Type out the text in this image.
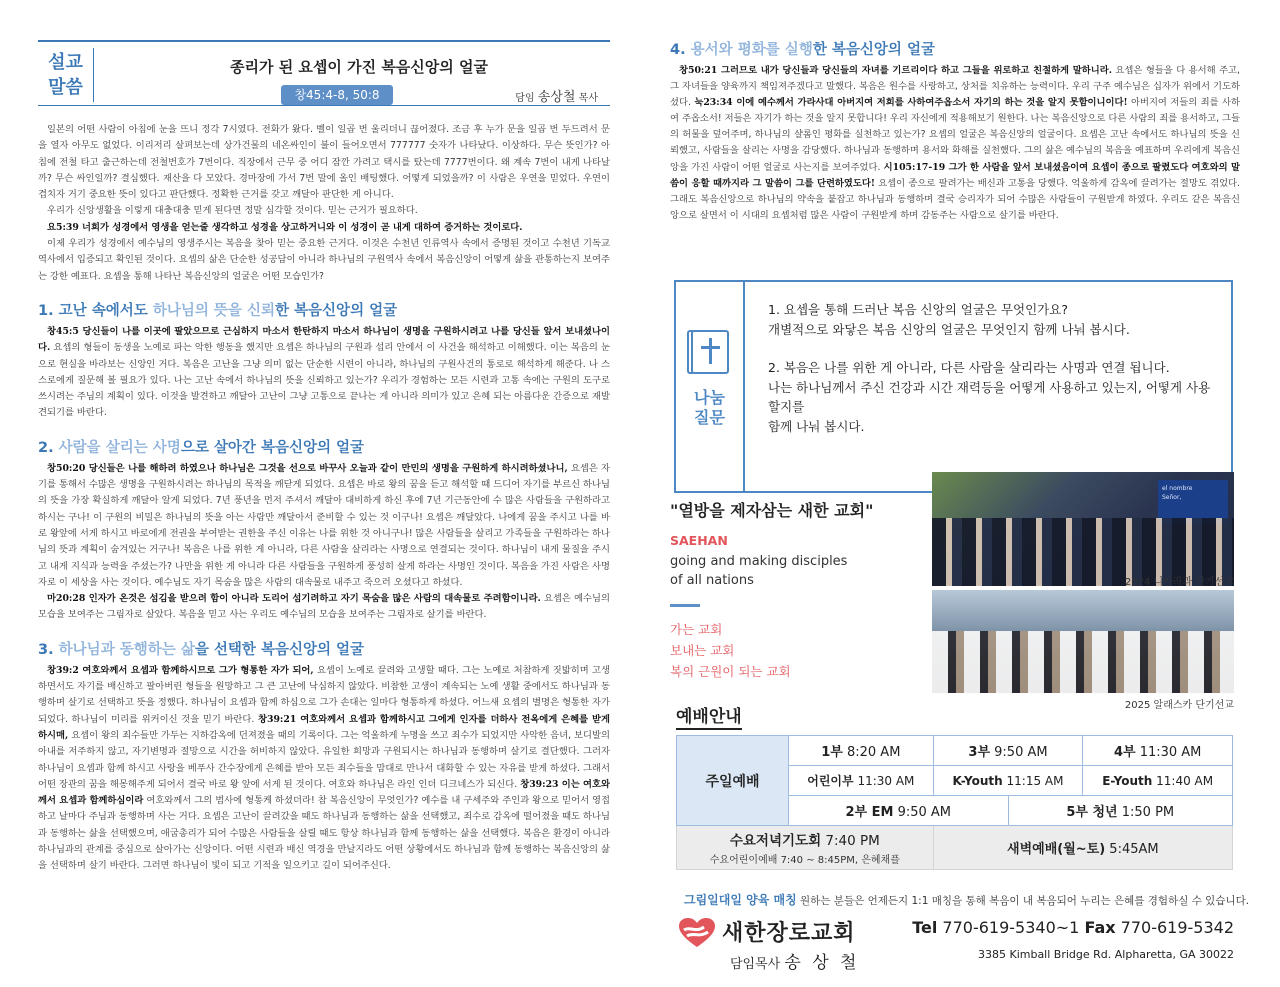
설교
말씀
종리가 된 요셉이 가진 복음신앙의 얼굴
창45:4-8, 50:8	담임 송상철 목사

일본의 어떤 사람이 아침에 눈을 뜨니 정각 7시였다. 전화가 왔다. 벨이 일곱 번 울리더니 끊어졌다. 조금 후 누가 문을 일곱 번 두드려서 문을 열자 아무도 없었다. 이리저리 살펴보는데 상가건물의 네온싸인이 불이 들어오면서 777777 숫자가 나타났다. 이상하다. 무슨 뜻인가? 아침에 전철 타고 출근하는데 전철번호가 7번이다. 직장에서 근무 중 어디 잠깐 가려고 택시를 탔는데 7777번이다. 왜 계속 7번이 내게 나타날까? 무슨 싸인일까? 결심했다. 재산을 다 모았다. 경마장에 가서 7번 말에 올인 배팅했다. 어떻게 되었을까? 이 사람은 우연을 믿었다. 우연이 겹치자 거기 중요한 뜻이 있다고 판단했다. 정확한 근거를 갖고 깨달아 판단한 게 아니다.

우리가 신앙생활을 이렇게 대충대충 믿게 된다면 정말 심각할 것이다. 믿는 근거가 필요하다.

요5:39 너희가 성경에서 영생을 얻는줄 생각하고 성경을 상고하거니와 이 성경이 곧 내게 대하여 증거하는 것이로다.

이제 우리가 성경에서 예수님의 영생주시는 복음을 찾아 믿는 중요한 근거다. 이것은 수천년 인류역사 속에서 증명된 것이고 수천년 기독교 역사에서 입증되고 확인된 것이다. 요셉의 삶은 단순한 성공담이 아니라 하나님의 구원역사 속에서 복음신앙이 어떻게 삶을 관통하는지 보여주는 강한 예표다. 요셉을 통해 나타난 복음신앙의 얼굴은 어떤 모습인가?

1. 고난 속에서도 하나님의 뜻을 신뢰한 복음신앙의 얼굴

창45:5 당신들이 나를 이곳에 팔았으므로 근심하지 마소서 한탄하지 마소서 하나님이 생명을 구원하시려고 나를 당신들 앞서 보내셨나이다. 요셉의 형들이 동생을 노예로 파는 악한 행동을 했지만 요셉은 하나님의 구원과 섭리 안에서 이 사건을 해석하고 이해했다. 이는 복음의 눈으로 현실을 바라보는 신앙인 거다. 복음은 고난을 그냥 의미 없는 단순한 시련이 아니라, 하나님의 구원사건의 통로로 해석하게 해준다. 나 스스로에게 질문해 볼 필요가 있다. 나는 고난 속에서 하나님의 뜻을 신뢰하고 있는가? 우리가 경험하는 모든 시련과 고통 속에는 구원의 도구로 쓰시려는 주님의 계획이 있다. 이것을 발견하고 깨달아 고난이 그냥 고통으로 끝나는 게 아니라 의미가 있고 은혜 되는 아름다운 간증으로 재발견되기를 바란다.

2. 사람을 살리는 사명으로 살아간 복음신앙의 얼굴

창50:20 당신들은 나를 해하려 하였으나 하나님은 그것을 선으로 바꾸사 오늘과 같이 만민의 생명을 구원하게 하시려하셨나니, 요셉은 자기를 통해서 수많은 생명을 구원하시려는 하나님의 목적을 깨닫게 되었다. 요셉은 바로 왕의 꿈을 듣고 해석할 때 드디어 자기를 부르신 하나님의 뜻을 가장 확실하게 깨달아 알게 되었다. 7년 풍년을 먼저 주셔서 깨달아 대비하게 하신 후에 7년 기근동안에 수 많은 사람들을 구원하라고 하시는 구나! 이 구원의 비밀은 하나님의 뜻을 아는 사람만 깨달아서 준비할 수 있는 것 이구나! 요셉은 깨달았다. 나에게 꿈을 주시고 나를 바로 왕앞에 서게 하시고 바로에게 전권을 부여받는 권한을 주신 이유는 나를 위한 것 아니구나! 많은 사람들을 살리고 가족들을 구원하라는 하나님의 뜻과 계획이 숨겨있는 거구나! 복음은 나를 위한 게 아니라, 다른 사람을 살리라는 사명으로 연결되는 것이다. 하나님이 내게 물질을 주시고 내게 지식과 능력을 주셨는가? 나만을 위한 게 아니라 다른 사람들을 구원하게 풍성히 살게 하라는 사명인 것이다. 복음을 가진 사람은 사명자로 이 세상을 사는 것이다. 예수님도 자기 목숨을 많은 사람의 대속물로 내주고 죽으러 오셨다고 하셨다.

마20:28 인자가 온것은 섬김을 받으려 함이 아니라 도리어 섬기려하고 자기 목숨을 많은 사람의 대속물로 주려함이니라. 요셉은 예수님의 모습을 보여주는 그림자로 살았다. 복음을 믿고 사는 우리도 예수님의 모습을 보여주는 그림자로 살기를 바란다.

3. 하나님과 동행하는 삶을 선택한 복음신앙의 얼굴

창39:2 여호와께서 요셉과 함께하시므로 그가 형통한 자가 되어, 요셉이 노예로 끌려와 고생할 때다. 그는 노예로 처참하게 짓밟히며 고생하면서도 자기를 배신하고 팔아버린 형들을 원망하고 그 큰 고난에 낙심하지 않았다. 비참한 고생이 계속되는 노예 생활 중에서도 하나님과 동행하며 살기로 선택하고 뜻을 정했다. 하나님이 요셉과 함께 하심으로 그가 손대는 일마다 형통하게 하셨다. 어느새 요셉의 별명은 형통한 자가 되었다. 하나님이 미리를 위커이신 것을 믿기 바란다. 창39:21 여호와께서 요셉과 함께하시고 그에게 인자를 더하사 전옥에게 은혜를 받게 하시매, 요셉이 왕의 죄수들만 가두는 지하감옥에 던져졌을 때의 기록이다. 그는 억울하게 누명을 쓰고 죄수가 되었지만 사악한 음녀, 보디발의 아내를 저주하지 않고, 자기변명과 절망으로 시간을 허비하지 않았다. 유일한 희망과 구원되시는 하나님과 동행하며 살기로 결단했다. 그러자 하나님이 요셉과 함께 하시고 사랑을 베푸사 간수장에게 은혜를 받아 모든 죄수들을 맘대로 만나서 대화할 수 있는 자유를 받게 하셨다. 그래서 어떤 장관의 꿈을 해몽해주게 되어서 결국 바로 왕 앞에 서게 된 것이다. 여호와 하나님은 라인 인더 디크네스가 되신다. 창39:23 이는 여호와께서 요셉과 함께하심이라 여호와께서 그의 범사에 형통케 하셨더라! 참 복음신앙이 무엇인가? 예수를 내 구세주와 주인과 왕으로 믿어서 영접하고 날마다 주님과 동행하며 사는 거다. 요셉은 고난이 끌려갔을 때도 하나님과 동행하는 삶을 선택했고, 죄수로 감옥에 떨어졌을 때도 하나님과 동행하는 삶을 선택했으며, 애굽총리가 되어 수많은 사람들을 살릴 때도 항상 하나님과 함께 동행하는 삶을 선택했다. 복음은 환경이 아니라 하나님과의 관계를 중심으로 살아가는 신앙이다. 어떤 시련과 배신 역경을 만날지라도 어떤 상황에서도 하나님과 함께 동행하는 복음신앙의 삶을 선택하며 살기 바란다. 그러면 하나님이 빛이 되고 기적을 일으키고 길이 되어주신다.

4. 용서와 평화를 실행한 복음신앙의 얼굴

창50:21 그러므로 내가 당신들과 당신들의 자녀를 기르리이다 하고 그들을 위로하고 친절하게 말하니라. 요셉은 형들을 다 용서해 주고, 그 자녀들을 양육까지 책임져주겠다고 말했다. 복음은 원수를 사랑하고, 상처를 치유하는 능력이다. 우리 구주 예수님은 십자가 위에서 기도하셨다. 눅23:34 이에 예수께서 가라사대 아버지여 저희를 사하여주옵소서 자기의 하는 것을 알지 못함이니이다! 아버지여 저들의 죄를 사하여 주옵소서! 저들은 자기가 하는 것을 알지 못합니다! 우리 자신에게 적용해보기 원한다. 나는 복음신앙으로 다른 사람의 죄를 용서하고, 그들의 허물을 덮어주며, 하나님의 샬롬인 평화를 실천하고 있는가? 요셉의 얼굴은 복음신앙의 얼굴이다. 요셉은 고난 속에서도 하나님의 뜻을 신뢰했고, 사람들을 살리는 사명을 감당했다. 하나님과 동행하며 용서와 화해를 실천했다. 그의 삶은 예수님의 복음을 예표하며 우리에게 복음신앙을 가진 사람이 어떤 얼굴로 사는지를 보여주었다. 시105:17-19 그가 한 사람을 앞서 보내셨음이여 요셉이 종으로 팔렸도다 여호와의 말씀이 응할 때까지라 그 말씀이 그를 단련하였도다! 요셉이 종으로 팔려가는 배신과 고통을 당했다. 억울하게 감옥에 끌려가는 절망도 겪었다. 그래도 복음신앙으로 하나님의 약속을 붙잡고 하나님과 동행하며 결국 승리자가 되어 수많은 사람들이 구원받게 하였다. 우리도 같은 복음신앙으로 살면서 이 시대의 요셉처럼 많은 사람이 구원받게 하며 감동주는 사람으로 살기를 바란다.

나눔
질문

1. 요셉을 통해 드러난 복음 신앙의 얼굴은 무엇인가요?
개별적으로 와닿은 복음 신앙의 얼굴은 무엇인지 함께 나눠 봅시다.

2. 복음은 나를 위한 게 아니라, 다른 사람을 살리라는 사명과 연결 됩니다.
나는 하나님께서 주신 건강과 시간 재력등을 어떻게 사용하고 있는지, 어떻게 사용할지를
함께 나눠 봅시다.

"열방을 제자삼는 새한 교회"
SAEHAN
going and making disciples
of all nations
가는 교회
보내는 교회
복의 근원이 되는 교회
el nombre
Señor,
2024 니카라과 단기선교
2025 알래스카 단기선교
예배안내
주일예배	1부 8:20 AM	3부 9:50 AM		4부 11:30 AM
	어린이부 11:30 AM	K-Youth 11:15 AM		E-Youth 11:40 AM
	2부 EM 9:50 AM		5부 청년 1:50 PM	

수요저녁기도회 7:40 PM
수요어린이예배 7:40 ~ 8:45PM, 은혜채플		새벽예배(월~토) 5:45AM		
그림일대일 양육 매칭 원하는 분들은 언제든지 1:1 매칭을 통해 복음이 내 복음되어 누리는 은혜를 경험하실 수 있습니다.
새한장로교회
담임목사 송 상 철
Tel 770-619-5340~1 Fax 770-619-5342
3385 Kimball Bridge Rd. Alpharetta, GA 30022
